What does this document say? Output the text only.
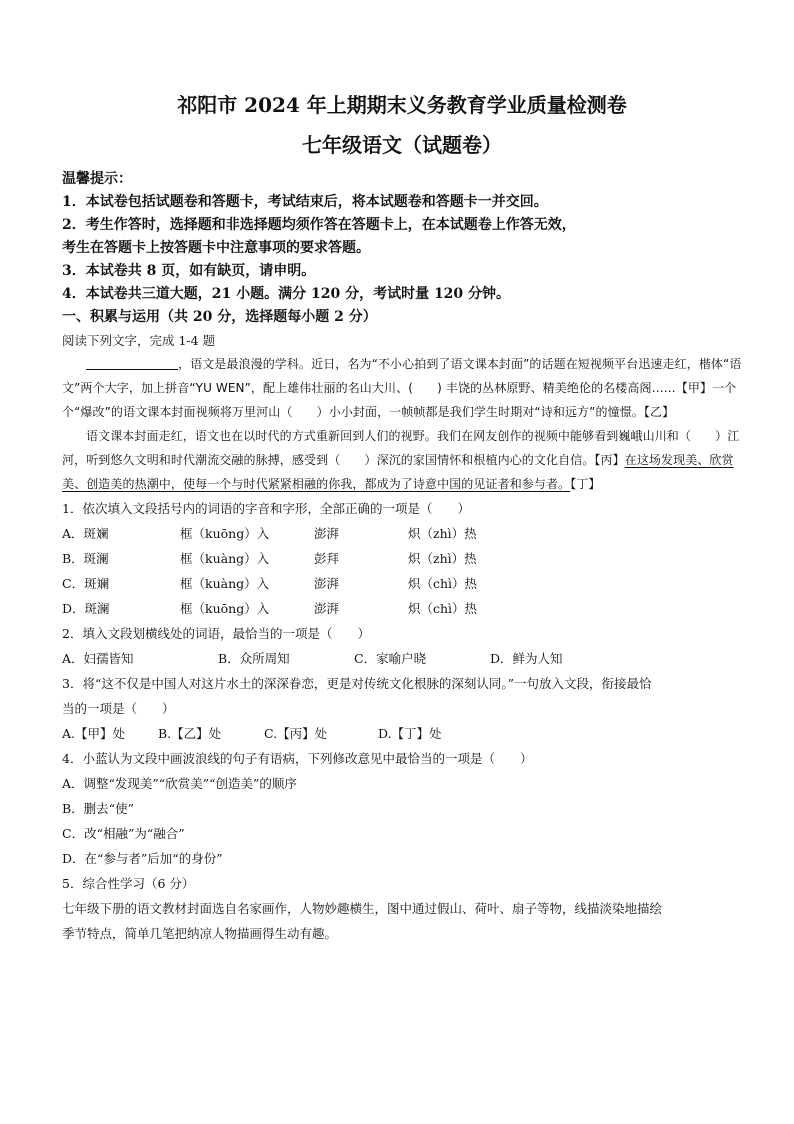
祁阳市 2024 年上期期末义务教育学业质量检测卷
七年级语文（试题卷）
温馨提示：

1．本试卷包括试题卷和答题卡，考试结束后，将本试题卷和答题卡一并交回。

2．考生作答时，选择题和非选择题均须作答在答题卡上，在本试题卷上作答无效，

考生在答题卡上按答题卡中注意事项的要求答题。

3．本试卷共 8 页，如有缺页，请申明。

4．本试卷共三道大题，21 小题。满分 120 分，考试时量 120 分钟。

一、积累与运用（共 20 分，选择题每小题 2 分）

阅读下列文字，完成 1-4 题

，语文是最浪漫的学科。近日，名为“不小心拍到了语文课本封面”的话题在短视频平台迅速走红，楷体“语文”两个大字，加上拼音“YU WEN”，配上雄伟壮丽的名山大川、(　　) 丰饶的丛林原野、精美绝伦的名楼高阁……【甲】一个个“爆改”的语文课本封面视频将万里河山（　　）小小封面，一帧帧都是我们学生时期对“诗和远方”的憧憬。【乙】

语文课本封面走红，语文也在以时代的方式重新回到人们的视野。我们在网友创作的视频中能够看到巍峨山川和（　　）江河，听到悠久文明和时代潮流交融的脉搏，感受到（　　）深沉的家国情怀和根植内心的文化自信。【丙】在这场发现美、欣赏美、创造美的热潮中，使每一个与时代紧紧相融的你我，都成为了诗意中国的见证者和参与者。【丁】

1．依次填入文段括号内的词语的字音和字形，全部正确的一项是（　　）

A．斑斓	框（kuōng）入	澎湃	炽（zhì）热
B．斑澜	框（kuàng）入	彭拜	炽（zhì）热
C．斑斓	框（kuàng）入	澎湃	炽（chì）热
D．斑澜	框（kuōng）入	澎湃	炽（chì）热

2．填入文段划横线处的词语，最恰当的一项是（　　）

A．妇孺皆知	B．众所周知	C．家喻户晓	D．鲜为人知

3．将“这不仅是中国人对这片水土的深深眷恋，更是对传统文化根脉的深刻认同。”一句放入文段，衔接最恰

当的一项是（　　）

A.【甲】处	B.【乙】处	C.【丙】处	D.【丁】处

4．小蓝认为文段中画波浪线的句子有语病，下列修改意见中最恰当的一项是（　　）

A．调整“发现美”“欣赏美”“创造美”的顺序

B．删去“使”

C．改“相融”为“融合”

D．在“参与者”后加“的身份”

5．综合性学习（6 分）

七年级下册的语文教材封面选自名家画作，人物妙趣横生，图中通过假山、荷叶、扇子等物，线描淡染地描绘

季节特点，简单几笔把纳凉人物描画得生动有趣。
